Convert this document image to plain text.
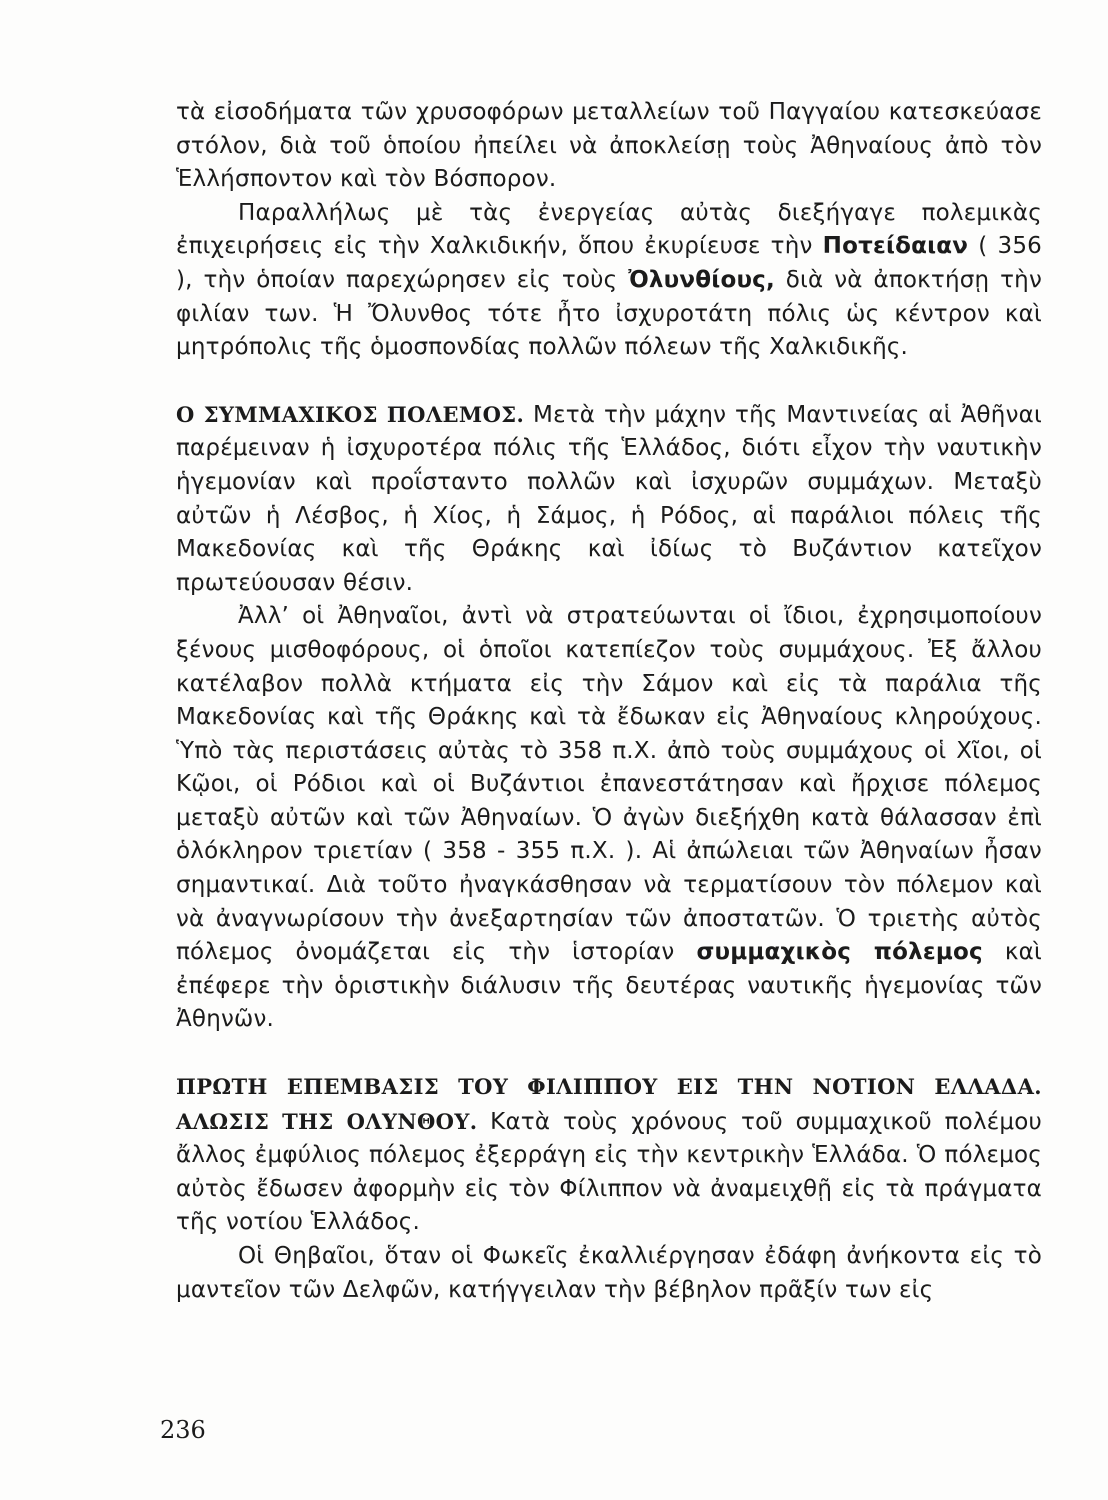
τὰ εἰσοδήματα τῶν χρυσοφόρων μεταλλείων τοῦ Παγγαίου κατεσκεύασε στόλον, διὰ τοῦ ὁποίου ἠπείλει νὰ ἀποκλείσῃ τοὺς Ἀθηναίους ἀπὸ τὸν Ἑλλήσποντον καὶ τὸν Βόσπορον.

Παραλλήλως μὲ τὰς ἐνεργείας αὐτὰς διεξήγαγε πολεμικὰς ἐπιχειρήσεις εἰς τὴν Χαλκιδικήν, ὅπου ἐκυρίευσε τὴν Ποτείδαιαν ( 356 ), τὴν ὁποίαν παρεχώρησεν εἰς τοὺς Ὀλυνθίους, διὰ νὰ ἀποκτήσῃ τὴν φιλίαν των. Ἡ Ὄλυνθος τότε ἦτο ἰσχυροτάτη πόλις ὡς κέντρον καὶ μητρόπολις τῆς ὁμοσπονδίας πολλῶν πόλεων τῆς Χαλκιδικῆς.

Ο ΣΥΜΜΑΧΙΚΟΣ ΠΟΛΕΜΟΣ. Μετὰ τὴν μάχην τῆς Μαντινείας αἱ Ἀθῆναι παρέμειναν ἡ ἰσχυροτέρα πόλις τῆς Ἑλλάδος, διότι εἶχον τὴν ναυτικὴν ἡγεμονίαν καὶ προΐσταντο πολλῶν καὶ ἰσχυρῶν συμμάχων. Μεταξὺ αὐτῶν ἡ Λέσβος, ἡ Χίος, ἡ Σάμος, ἡ Ρόδος, αἱ παράλιοι πόλεις τῆς Μακεδονίας καὶ τῆς Θράκης καὶ ἰδίως τὸ Βυζάντιον κατεῖχον πρωτεύουσαν θέσιν.

Ἀλλ’ οἱ Ἀθηναῖοι, ἀντὶ νὰ στρατεύωνται οἱ ἴδιοι, ἐχρησιμοποίουν ξένους μισθοφόρους, οἱ ὁποῖοι κατεπίεζον τοὺς συμμάχους. Ἐξ ἄλλου κατέλαβον πολλὰ κτήματα εἰς τὴν Σάμον καὶ εἰς τὰ παράλια τῆς Μακεδονίας καὶ τῆς Θράκης καὶ τὰ ἔδωκαν εἰς Ἀθηναίους κληρούχους. Ὑπὸ τὰς περιστάσεις αὐτὰς τὸ 358 π.Χ. ἀπὸ τοὺς συμμάχους οἱ Χῖοι, οἱ Κῷοι, οἱ Ρόδιοι καὶ οἱ Βυζάντιοι ἐπανεστάτησαν καὶ ἤρχισε πόλεμος μεταξὺ αὐτῶν καὶ τῶν Ἀθηναίων. Ὁ ἀγὼν διεξήχθη κατὰ θάλασσαν ἐπὶ ὁλόκληρον τριετίαν ( 358 - 355 π.Χ. ). Αἱ ἀπώλειαι τῶν Ἀθηναίων ἦσαν σημαντικαί. Διὰ τοῦτο ἠναγκάσθησαν νὰ τερματίσουν τὸν πόλεμον καὶ νὰ ἀναγνωρίσουν τὴν ἀνεξαρτησίαν τῶν ἀποστατῶν. Ὁ τριετὴς αὐτὸς πόλεμος ὀνομάζεται εἰς τὴν ἱστορίαν συμμαχικὸς πόλεμος καὶ ἐπέφερε τὴν ὁριστικὴν διάλυσιν τῆς δευτέρας ναυτικῆς ἡγεμονίας τῶν Ἀθηνῶν.

ΠΡΩΤΗ ΕΠΕΜΒΑΣΙΣ ΤΟΥ ΦΙΛΙΠΠΟΥ ΕΙΣ ΤΗΝ ΝΟΤΙΟΝ ΕΛΛΑΔΑ. ΑΛΩΣΙΣ ΤΗΣ ΟΛΥΝΘΟΥ. Κατὰ τοὺς χρόνους τοῦ συμμαχικοῦ πολέμου ἄλλος ἐμφύλιος πόλεμος ἐξερράγη εἰς τὴν κεντρικὴν Ἑλλάδα. Ὁ πόλεμος αὐτὸς ἔδωσεν ἀφορμὴν εἰς τὸν Φίλιππον νὰ ἀναμειχθῇ εἰς τὰ πράγματα τῆς νοτίου Ἑλλάδος.

Οἱ Θηβαῖοι, ὅταν οἱ Φωκεῖς ἐκαλλιέργησαν ἐδάφη ἀνήκοντα εἰς τὸ μαντεῖον τῶν Δελφῶν, κατήγγειλαν τὴν βέβηλον πρᾶξίν των εἰς

236
